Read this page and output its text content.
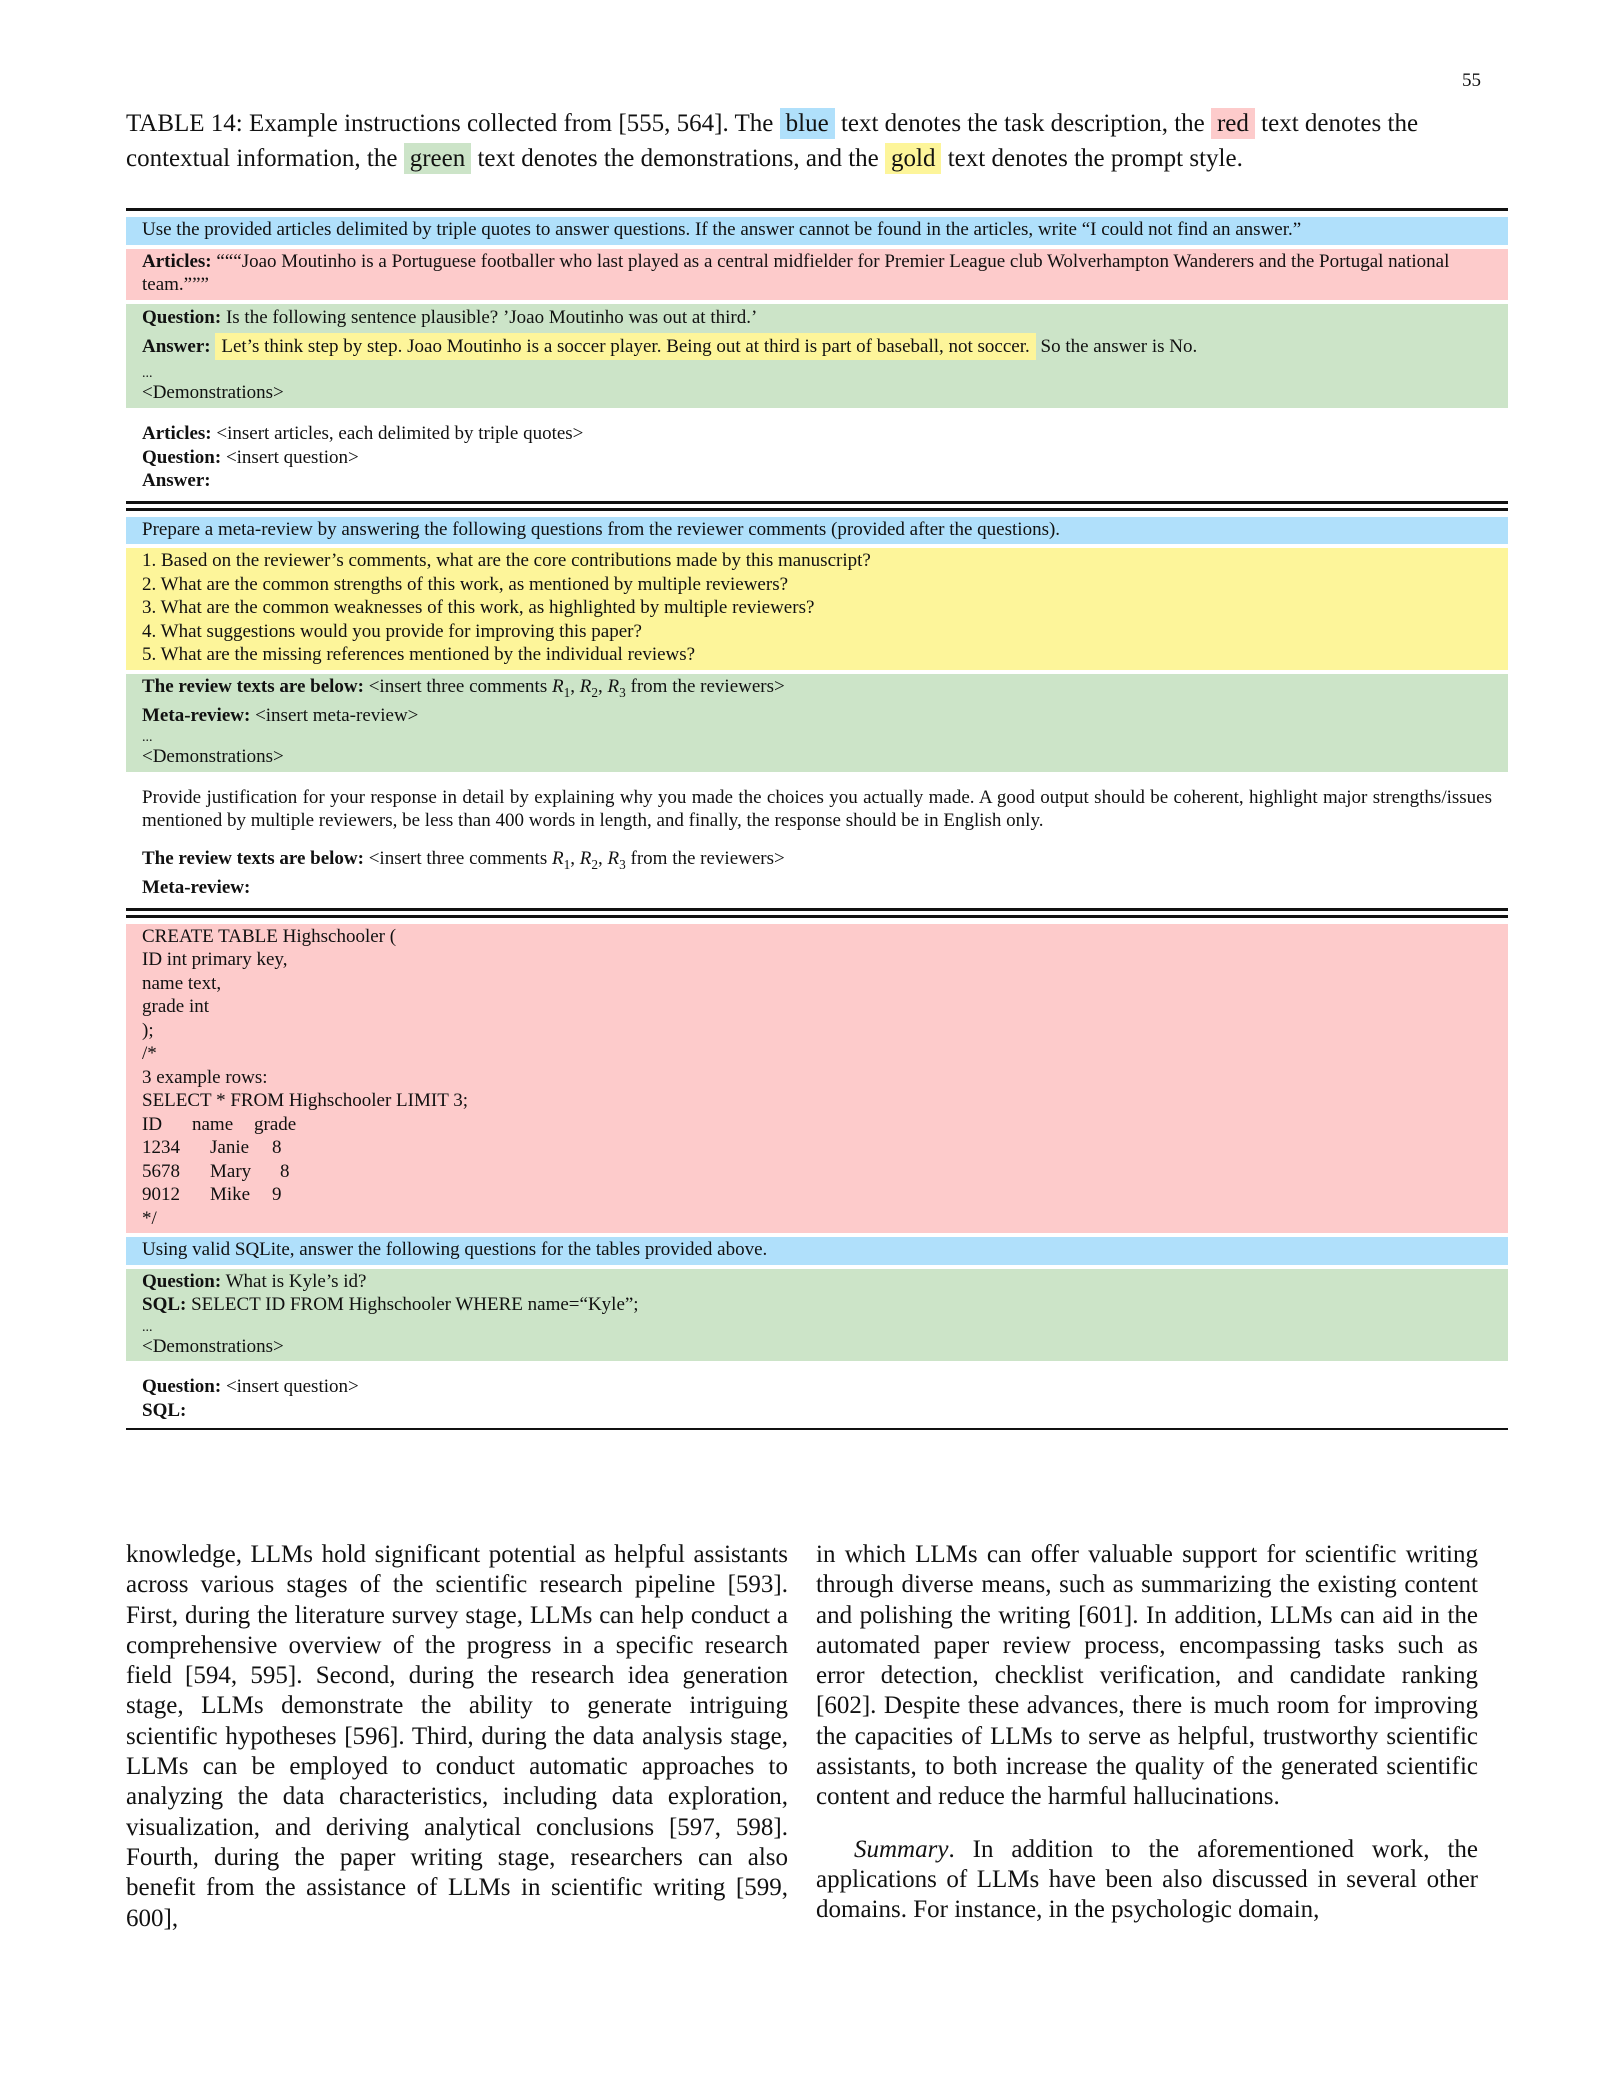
55
TABLE 14: Example instructions collected from [555, 564]. The blue text denotes the task description, the red text denotes the contextual information, the green text denotes the demonstrations, and the gold text denotes the prompt style.
Use the provided articles delimited by triple quotes to answer questions. If the answer cannot be found in the articles, write “I could not find an answer.”
Articles: “““Joao Moutinho is a Portuguese footballer who last played as a central midfielder for Premier League club Wolverhampton Wanderers and the Portugal national team.”””
Question: Is the following sentence plausible? ’Joao Moutinho was out at third.’
Answer: Let’s think step by step. Joao Moutinho is a soccer player. Being out at third is part of baseball, not soccer. So the answer is No.
...
<Demonstrations>
Articles: <insert articles, each delimited by triple quotes>
Question: <insert question>
Answer:
Prepare a meta-review by answering the following questions from the reviewer comments (provided after the questions).
1. Based on the reviewer’s comments, what are the core contributions made by this manuscript?
2. What are the common strengths of this work, as mentioned by multiple reviewers?
3. What are the common weaknesses of this work, as highlighted by multiple reviewers?
4. What suggestions would you provide for improving this paper?
5. What are the missing references mentioned by the individual reviews?
The review texts are below: <insert three comments $R_1$, $R_2$, $R_3$ from the reviewers>
Meta-review: <insert meta-review>
...
<Demonstrations>
Provide justification for your response in detail by explaining why you made the choices you actually made. A good output should be coherent, highlight major strengths/issues mentioned by multiple reviewers, be less than 400 words in length, and finally, the response should be in English only.
The review texts are below: <insert three comments $R_1$, $R_2$, $R_3$ from the reviewers>
Meta-review:
CREATE TABLE Highschooler (
ID int primary key,
name text,
grade int
);
/*
3 example rows:
SELECT * FROM Highschooler LIMIT 3;
ID name grade
1234 Janie 8
5678 Mary 8
9012 Mike 9
*/
Using valid SQLite, answer the following questions for the tables provided above.
Question: What is Kyle’s id?
SQL: SELECT ID FROM Highschooler WHERE name=“Kyle”;
...
<Demonstrations>
Question: <insert question>
SQL:

knowledge, LLMs hold significant potential as helpful assistants across various stages of the scientific research pipeline [593]. First, during the literature survey stage, LLMs can help conduct a comprehensive overview of the progress in a specific research field [594, 595]. Second, during the research idea generation stage, LLMs demonstrate the ability to generate intriguing scientific hypotheses [596]. Third, during the data analysis stage, LLMs can be employed to conduct automatic approaches to analyzing the data characteristics, including data exploration, visualization, and deriving analytical conclusions [597, 598]. Fourth, during the paper writing stage, researchers can also benefit from the assistance of LLMs in scientific writing [599, 600],

in which LLMs can offer valuable support for scientific writing through diverse means, such as summarizing the existing content and polishing the writing [601]. In addition, LLMs can aid in the automated paper review process, encompassing tasks such as error detection, checklist verification, and candidate ranking [602]. Despite these advances, there is much room for improving the capacities of LLMs to serve as helpful, trustworthy scientific assistants, to both increase the quality of the generated scientific content and reduce the harmful hallucinations.

Summary. In addition to the aforementioned work, the applications of LLMs have been also discussed in several other domains. For instance, in the psychologic domain,
